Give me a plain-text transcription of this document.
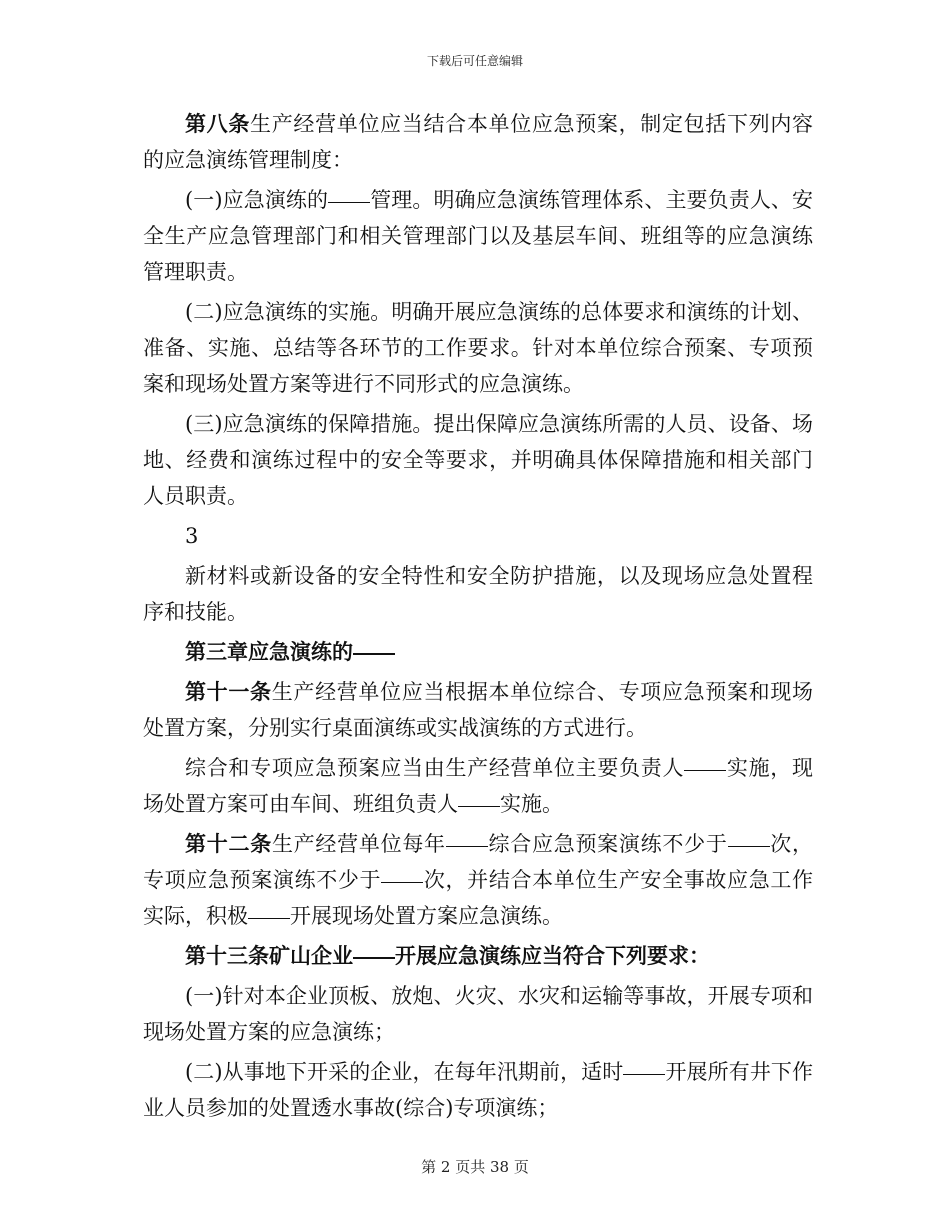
下载后可任意编辑

第八条生产经营单位应当结合本单位应急预案，制定包括下列内容的应急演练管理制度：

(一)应急演练的 管理。明确应急演练管理体系、主要负责人、安全生产应急管理部门和相关管理部门以及基层车间、班组等的应急演练管理职责。

(二)应急演练的实施。明确开展应急演练的总体要求和演练的计划、准备、实施、总结等各环节的工作要求。针对本单位综合预案、专项预案和现场处置方案等进行不同形式的应急演练。

(三)应急演练的保障措施。提出保障应急演练所需的人员、设备、场地、经费和演练过程中的安全等要求，并明确具体保障措施和相关部门人员职责。

3

新材料或新设备的安全特性和安全防护措施，以及现场应急处置程序和技能。

第三章应急演练的

第十一条生产经营单位应当根据本单位综合、专项应急预案和现场处置方案，分别实行桌面演练或实战演练的方式进行。

综合和专项应急预案应当由生产经营单位主要负责人 实施，现场处置方案可由车间、班组负责人 实施。

第十二条生产经营单位每年 综合应急预案演练不少于 次，专项应急预案演练不少于 次，并结合本单位生产安全事故应急工作实际，积极 开展现场处置方案应急演练。

第十三条矿山企业 开展应急演练应当符合下列要求：

(一)针对本企业顶板、放炮、火灾、水灾和运输等事故，开展专项和现场处置方案的应急演练；

(二)从事地下开采的企业，在每年汛期前，适时 开展所有井下作业人员参加的处置透水事故(综合)专项演练；

第 2 页共 38 页
